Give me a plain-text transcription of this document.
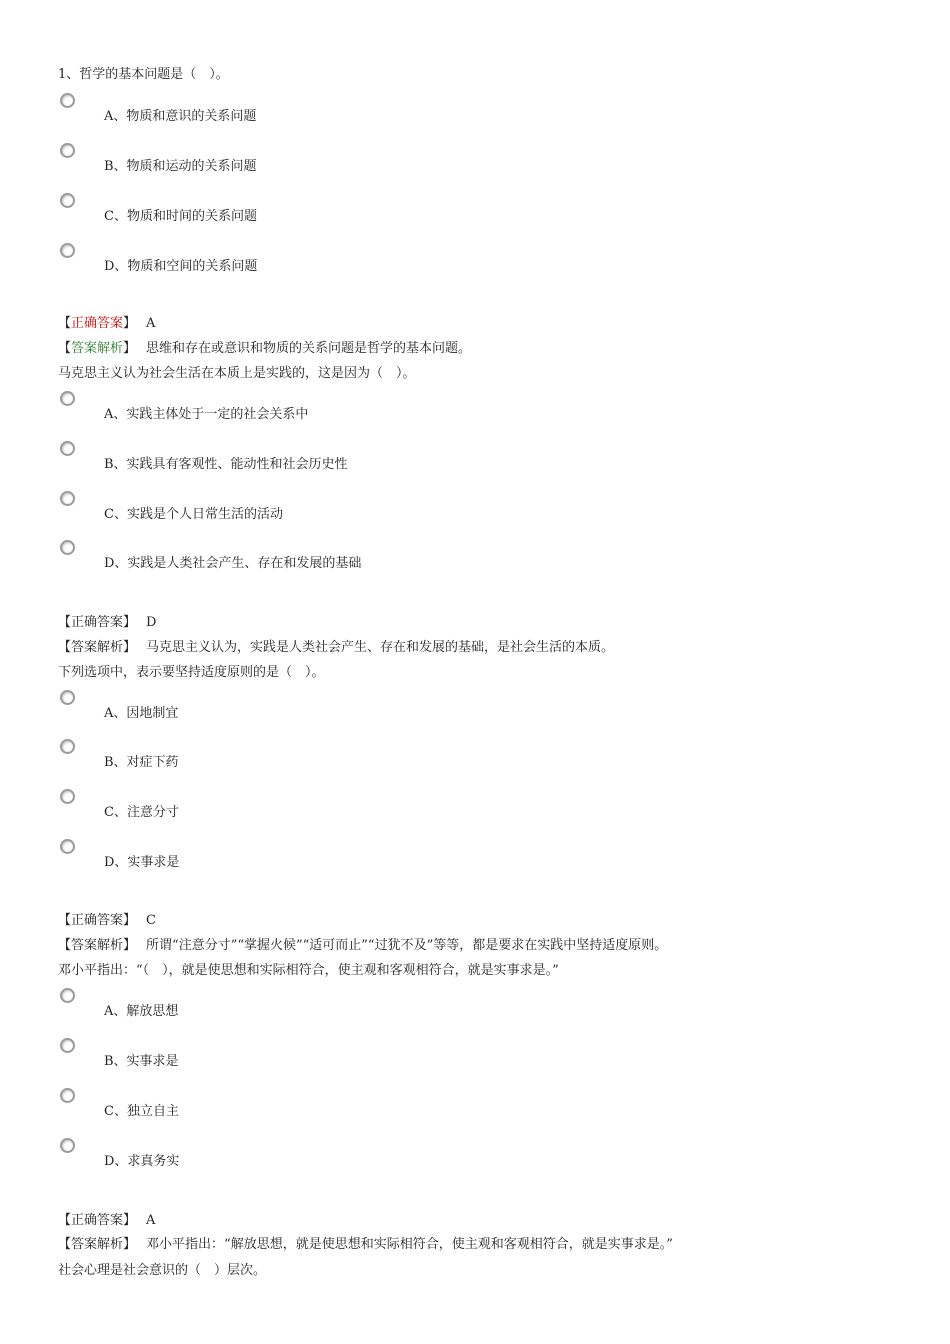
1、哲学的基本问题是（　）。
A、物质和意识的关系问题
B、物质和运动的关系问题
C、物质和时间的关系问题
D、物质和空间的关系问题
【正确答案】 A
【答案解析】 思维和存在或意识和物质的关系问题是哲学的基本问题。
马克思主义认为社会生活在本质上是实践的，这是因为（　）。
A、实践主体处于一定的社会关系中
B、实践具有客观性、能动性和社会历史性
C、实践是个人日常生活的活动
D、实践是人类社会产生、存在和发展的基础
【正确答案】 D
【答案解析】 马克思主义认为，实践是人类社会产生、存在和发展的基础，是社会生活的本质。
下列选项中，表示要坚持适度原则的是（　）。
A、因地制宜
B、对症下药
C、注意分寸
D、实事求是
【正确答案】 C
【答案解析】 所谓“注意分寸”“掌握火候”“适可而止”“过犹不及”等等，都是要求在实践中坚持适度原则。
邓小平指出：“（　），就是使思想和实际相符合，使主观和客观相符合，就是实事求是。”
A、解放思想
B、实事求是
C、独立自主
D、求真务实
【正确答案】 A
【答案解析】 邓小平指出：“解放思想，就是使思想和实际相符合，使主观和客观相符合，就是实事求是。”
社会心理是社会意识的（　）层次。
